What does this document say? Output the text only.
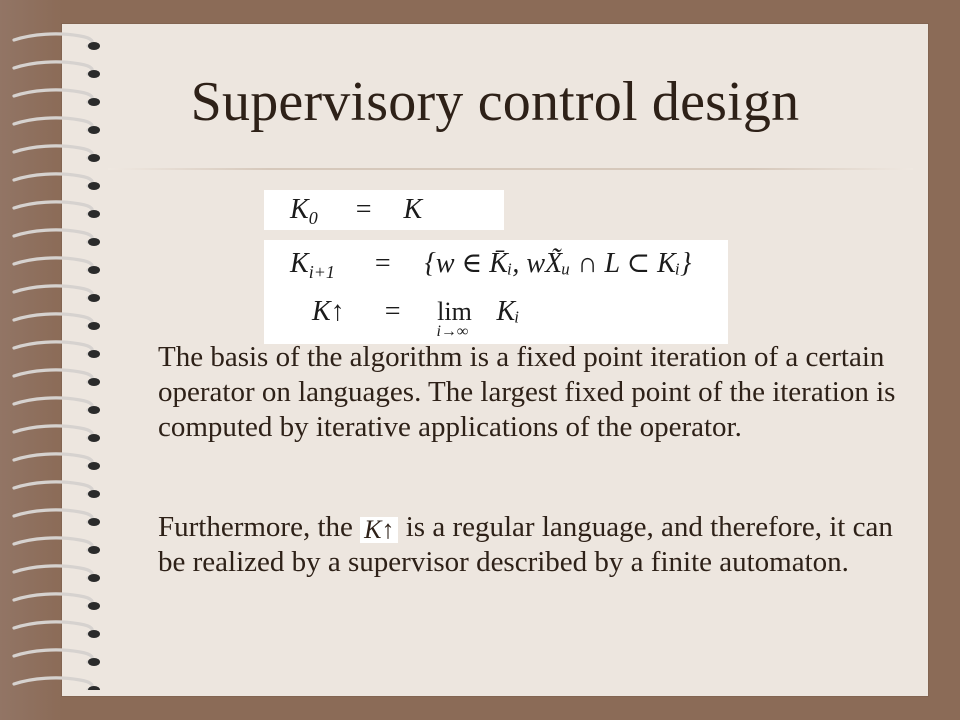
Supervisory control design
$K_0 = K$
$K_{i+1} = \{w$ ∈ K̄ᵢ, wX̃ᵤ ∩ L ⊂ Kᵢ}
K↑ = lim
i→∞
Kᵢ
The basis of the algorithm is a fixed point iteration of a certain operator on languages. The largest fixed point of the iteration is computed by iterative applications of the operator.
Furthermore, the K↑ is a regular language, and therefore, it can be realized by a supervisor described by a finite automaton.
